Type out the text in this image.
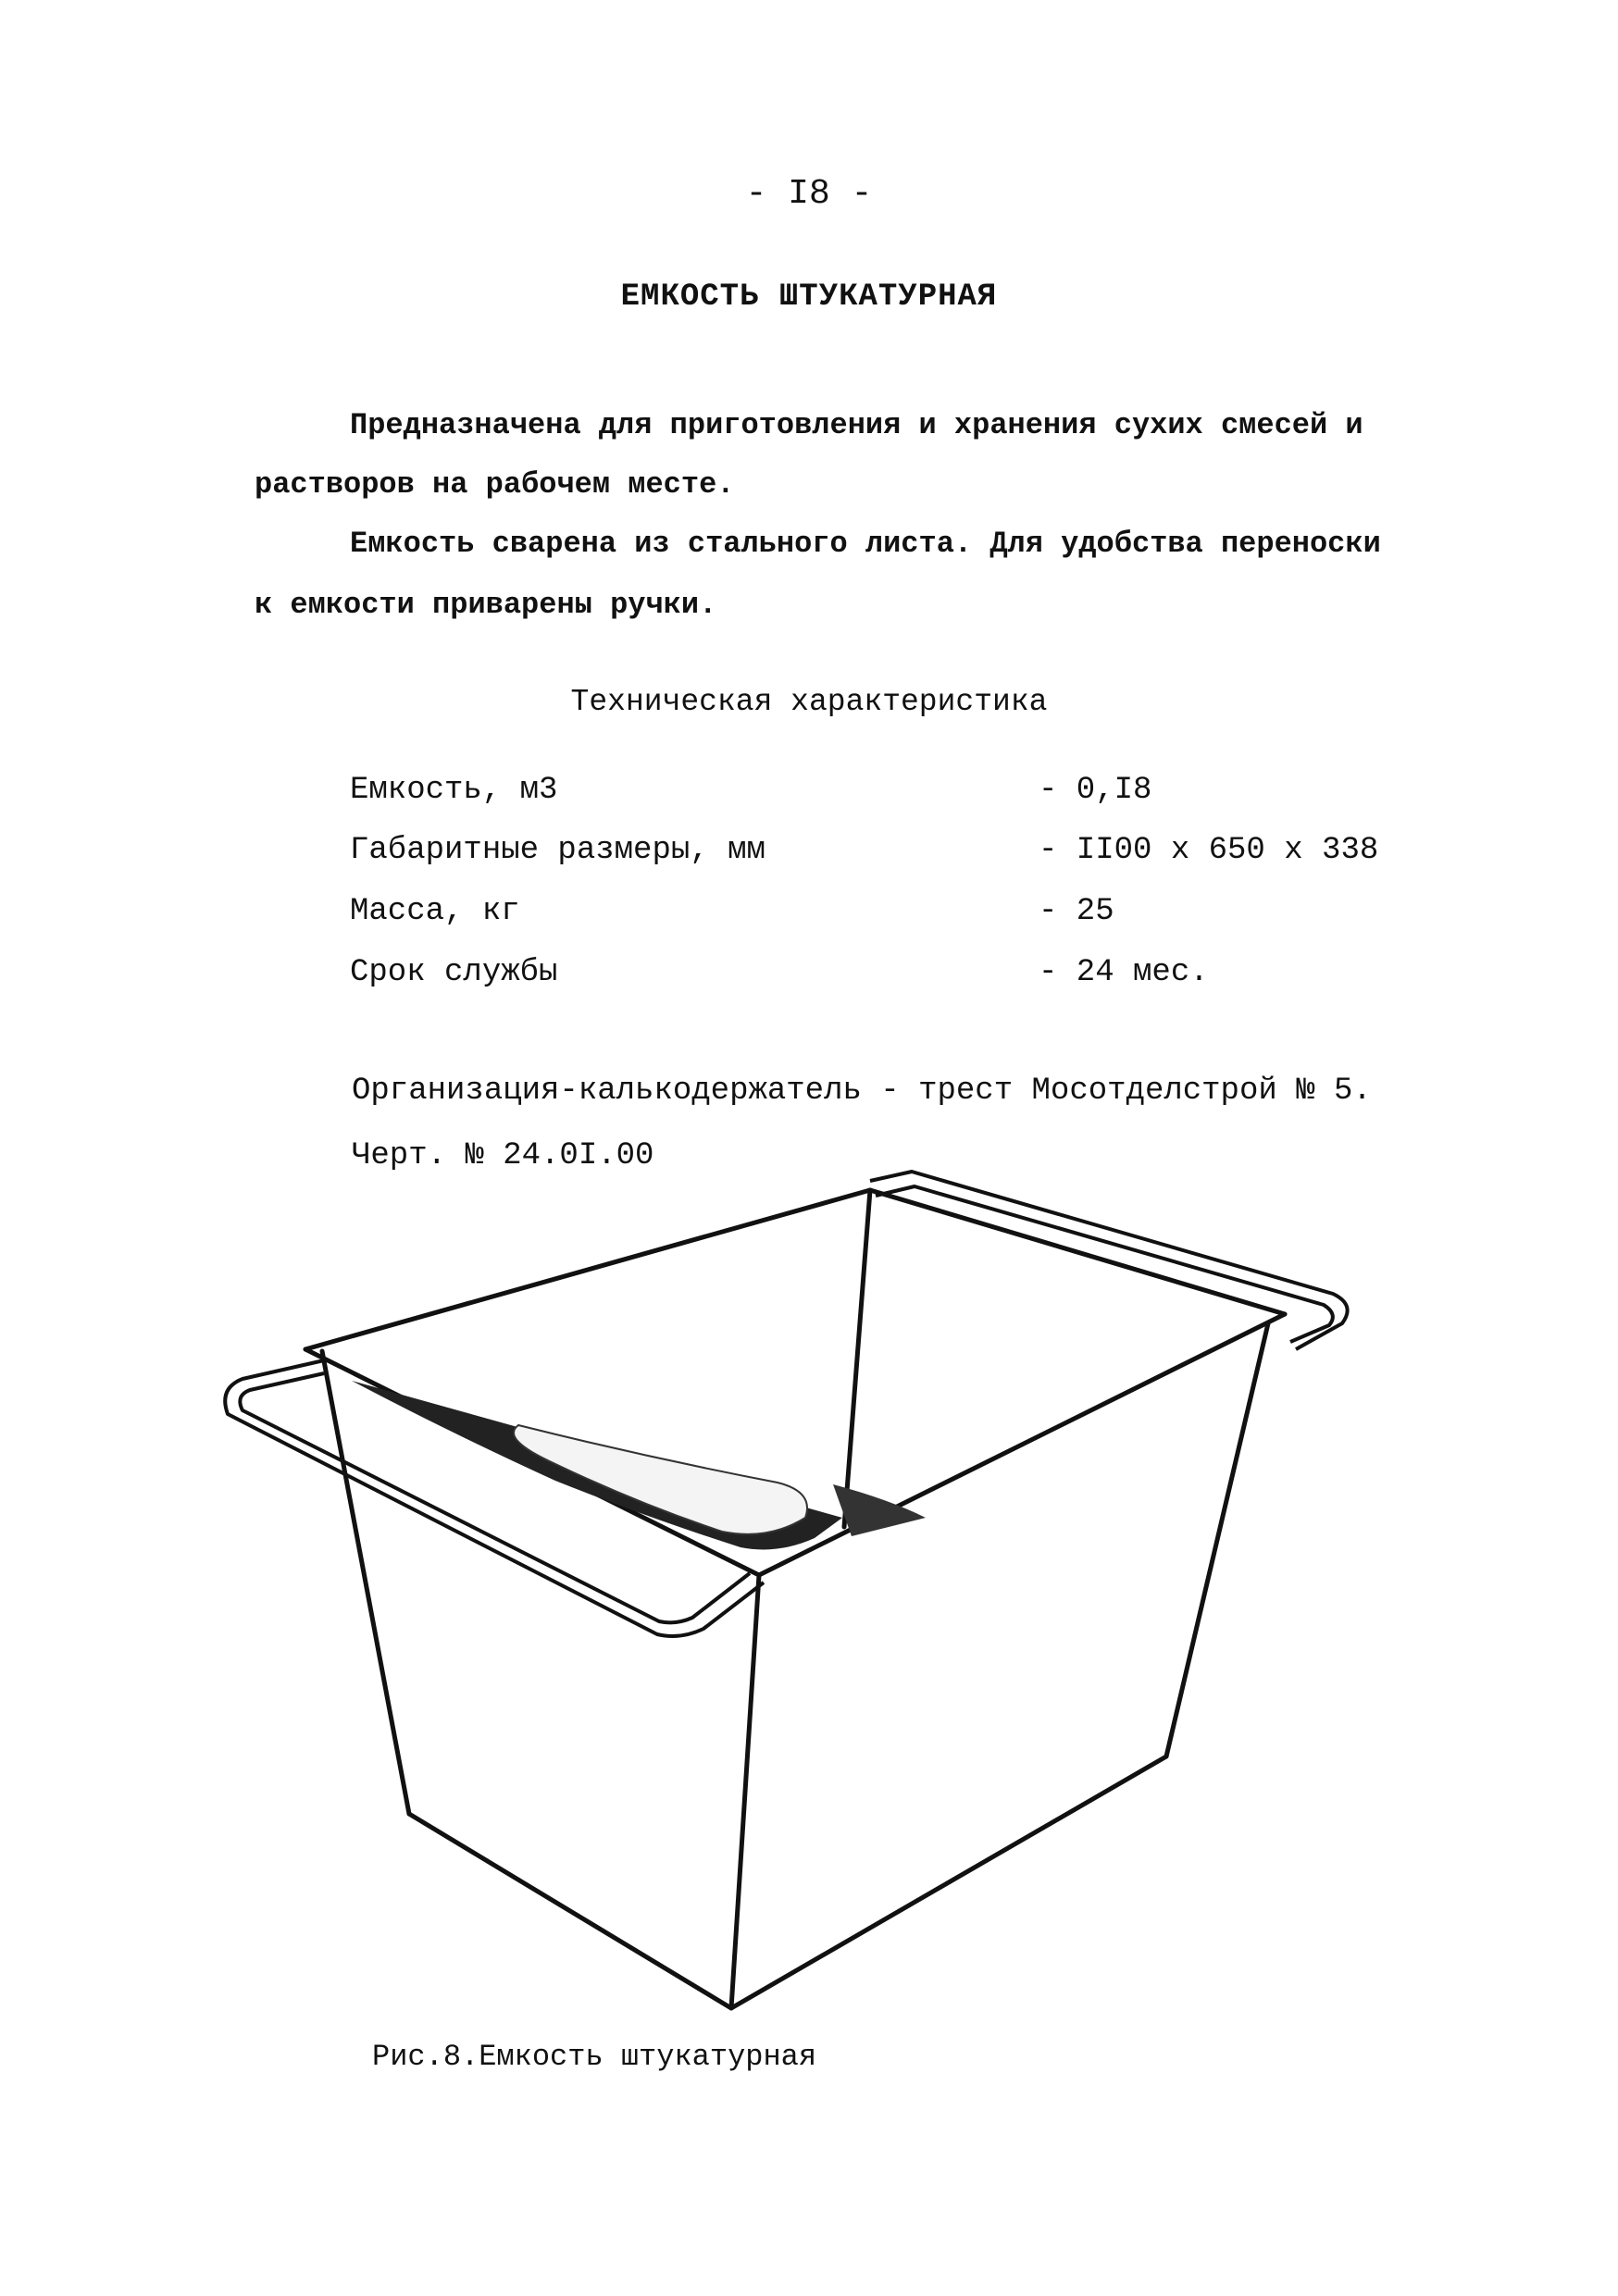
- I8 -
ЕМКОСТЬ ШТУКАТУРНАЯ
Предназначена для приготовления и хранения сухих смесей и
растворов на рабочем месте.
Емкость сварена из стального листа. Для удобства переноски
к емкости приварены ручки.
Техническая характеристика
Емкость, м3	- 0,I8
Габаритные размеры, мм	- II00 x 650 x 338
Масса, кг	- 25
Срок службы	- 24 мес.
Организация-калькодержатель - трест Мосотделстрой № 5.
Черт. № 24.0I.00
Рис.8.Емкость штукатурная
